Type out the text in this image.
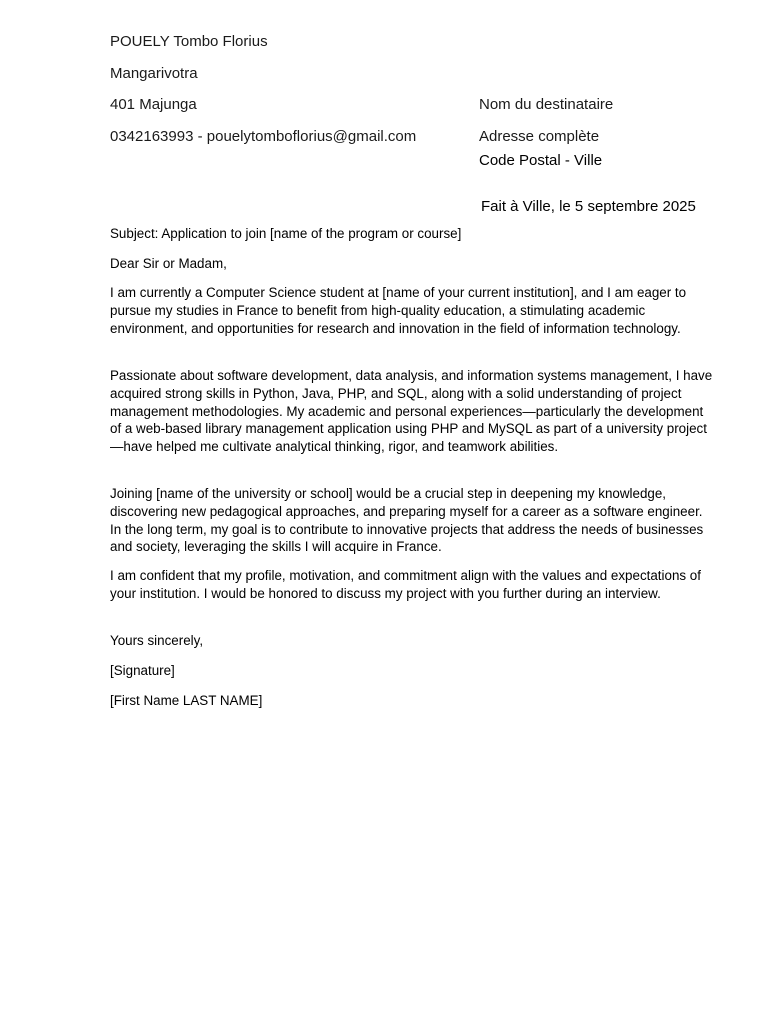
POUELY Tombo Florius
Mangarivotra
401 Majunga
0342163993 - pouelytomboflorius@gmail.com
Nom du destinataire
Adresse complète
Code Postal - Ville
Fait à Ville, le 5 septembre 2025

Subject: Application to join [name of the program or course]

Dear Sir or Madam,

I am currently a Computer Science student at [name of your current institution], and I am eager to pursue my studies in France to benefit from high-quality education, a stimulating academic environment, and opportunities for research and innovation in the field of information technology.

Passionate about software development, data analysis, and information systems management, I have acquired strong skills in Python, Java, PHP, and SQL, along with a solid understanding of project management methodologies. My academic and personal experiences—particularly the development of a web-based library management application using PHP and MySQL as part of a university project—have helped me cultivate analytical thinking, rigor, and teamwork abilities.

Joining [name of the university or school] would be a crucial step in deepening my knowledge, discovering new pedagogical approaches, and preparing myself for a career as a software engineer. In the long term, my goal is to contribute to innovative projects that address the needs of businesses and society, leveraging the skills I will acquire in France.

I am confident that my profile, motivation, and commitment align with the values and expectations of your institution. I would be honored to discuss my project with you further during an interview.

Yours sincerely,

[Signature]

[First Name LAST NAME]
